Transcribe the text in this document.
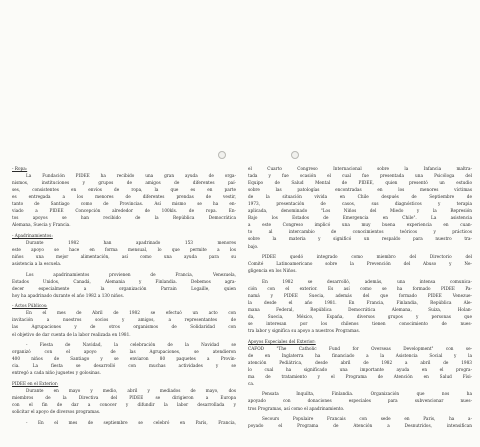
- Ropa:
La Fundación PIDEE ha recibido una gran ayuda de orga-
nismos, instituciones y grupos de amigos de diferentes paí-
ses, consistentes en envíos de ropa, la que es en parte
es entregada a los menores de diferentes prendas de vestir,
tanto de Santiago como de Provincias. Así mismo se ha en-
viado a PIDEE Concepción alrededor de 100kls. de ropa. En-
tos apoyos se han recibido de la República Democrática
Alemana, Suecia y Francia.
- Apadrinamientos:
Durante 1982 han apadrinado 153 menores
este apoyo se hace en forma mensual, lo que permite a los
niños una mejor alimentación, así como una ayuda para su
asistencia a la escuela.
Los apadrinamientos provienen de Francia, Venezuela,
Estados Unidos, Canadá, Alemania y Finlandia. Debemos agra-
decer especialmente a la organización Parrain Logaille, quien
hoy ha apadrinado durante el año 1982 a 130 niños.
- Actos Públicos:
En el mes de Abril de 1982 se efectuó un acto con
invitación a nuestros socios y amigos, a representantes de
las Agrupaciones y de otros organismos de Solidaridad con
el objetivo de dar cuenta de la labor realizada en 1981.
- Fiesta de Navidad, la celebración de la Navidad se
organizó con el apoyo de las Agrupaciones, se atendieron
400 niños de Santiago y se enviaron 80 paquetes a Provin-
cia. La fiesta se desarrolló con muchas actividades y se
entregó a cada niño juguetes y golosinas.
PIDEE en el Exterior:
Durante en mayo y medio, abril y mediados de mayo, dos
miembros de la Directiva del PIDEE se dirigieron a Europa
con el fin de dar a conocer y difundir la labor desarrollada y
solicitar el apoyo de diversos programas.
- En el mes de septiembre se celebró en París, Francia,
el Cuarto Congreso Internacional sobre la Infancia maltra-
tada y fue ocasión el cual fue presentada una Psicóloga del
Equipo de Salud Mental de PIDEE, quien presentó un estudio
sobre las patologías encontradas en los menores víctimas
de la situación vivida en Chile después de Septiembre de
1973, presentación de casos, sus diagnósticos y terapia
aplicada, denominado "Los Niños del Miedo y la Represión
Bajo los Estados de Emergencia en Chile". La asistencia
a este Congreso implicó una muy buena experiencia en cuan-
to al intercambio de conocimientos teóricos y prácticos
sobre la materia y significó un respaldo para nuestro tra-
bajo.
PIDEE quedó integrado como miembro del Directorio del
Comité Latinoamericano sobre la Prevención del Abuso y Ne-
gligencia en los Niños.
En 1982 se desarrolló, además, una intensa comunica-
ción con el exterior. Es así como se ha formado PIDEE Pa-
namá y PIDEE Suecia, además del que formado PIDEE Venezue-
la desde el año 1981. En Francia, Finlandia, República Ale-
mana Federal, República Democrática Alemana, Suiza, Holan-
da, Suecia, México, España, diversos grupos y personas que
se interesan por los chilenos tienen conocimiento de nues-
tra labor y significa su apoyo a nuestros Programas.
Apoyos Especiales del Exterior:
CAFOD "The Catholic Fund for Overseas Development" con se-
de en Inglaterra ha financiado a la Asistencia Social y la
atención Pediátrica, desde abril de 1982 a abril de 1983
lo cual ha significado una importante ayuda en el progra-
ma de tratamiento y el Programa de Atención en Salud Físi-
ca.
Pensata Inquilta, Finlandia. Organización que nos ha
apoyado con donaciones especiales para subvencionar nues-
tros Programas, así como el apadrinamiento.
Secours Populaire Francais con sede en Paris, ha a-
poyado el Programa de Atención a Desnutridos, intensifican
